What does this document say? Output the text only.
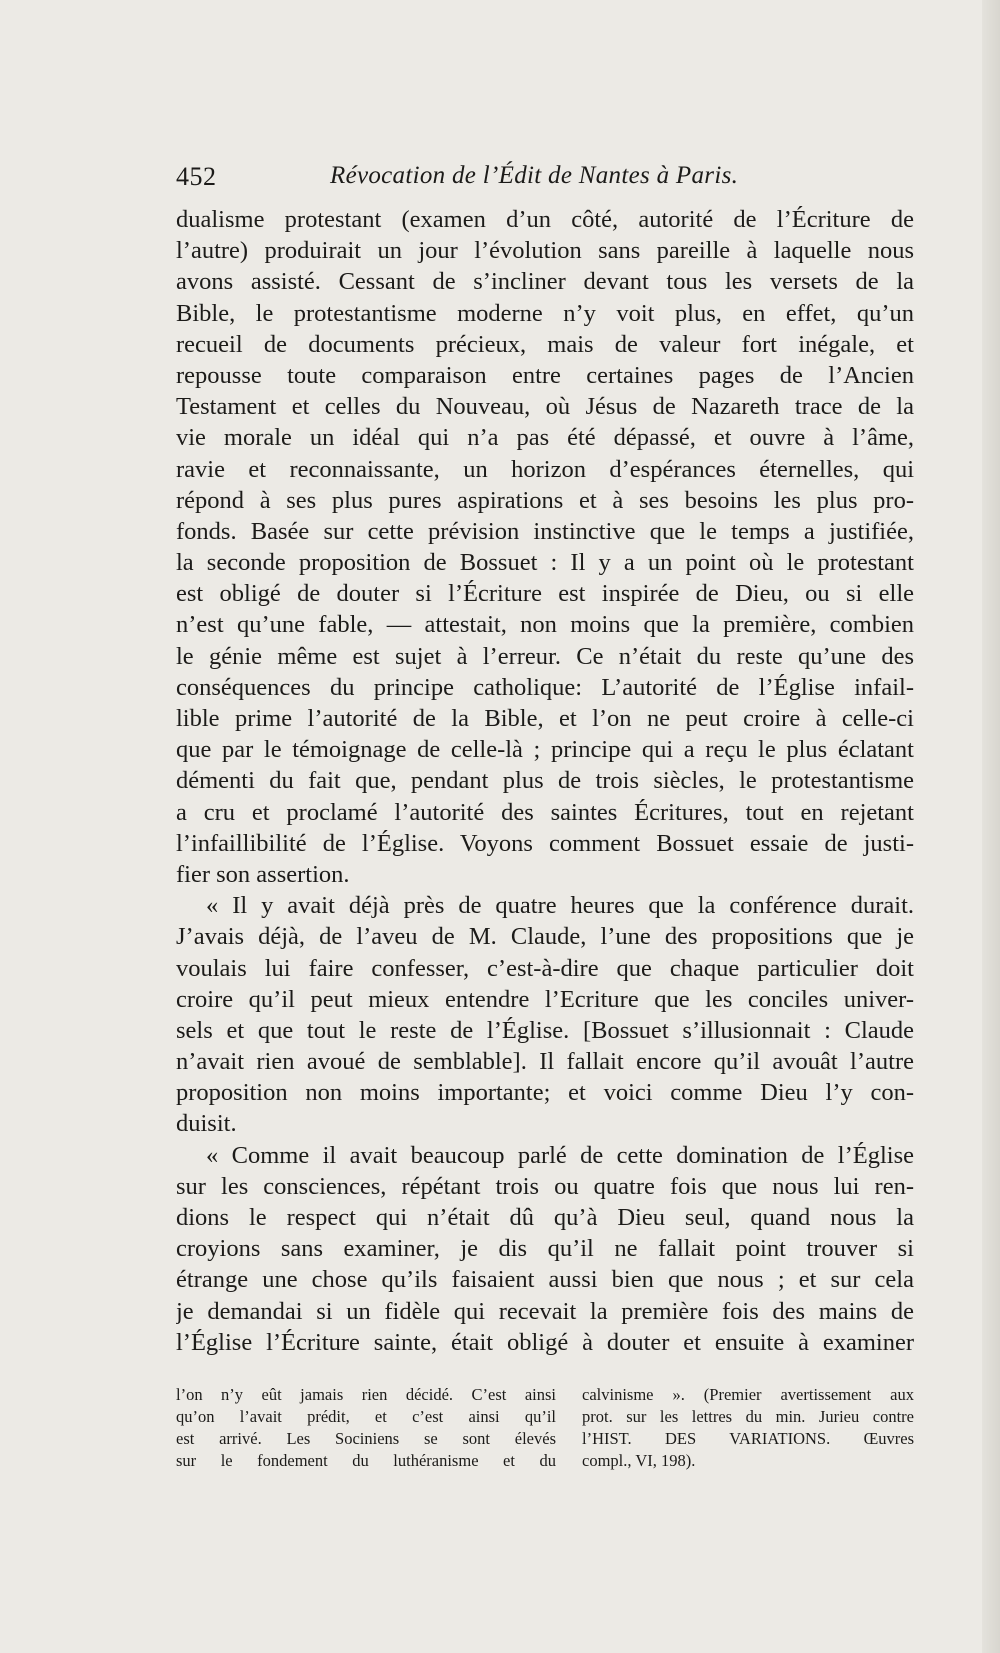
452	Révocation de l’Édit de Nantes à Paris.
dualisme protestant (examen d’un côté, autorité de l’Écriture de
l’autre) produirait un jour l’évolution sans pareille à laquelle nous
avons assisté. Cessant de s’incliner devant tous les versets de la
Bible, le protestantisme moderne n’y voit plus, en effet, qu’un
recueil de documents précieux, mais de valeur fort inégale, et
repousse toute comparaison entre certaines pages de l’Ancien
Testament et celles du Nouveau, où Jésus de Nazareth trace de la
vie morale un idéal qui n’a pas été dépassé, et ouvre à l’âme,
ravie et reconnaissante, un horizon d’espérances éternelles, qui
répond à ses plus pures aspirations et à ses besoins les plus pro-
fonds. Basée sur cette prévision instinctive que le temps a justifiée,
la seconde proposition de Bossuet : Il y a un point où le protestant
est obligé de douter si l’Écriture est inspirée de Dieu, ou si elle
n’est qu’une fable, — attestait, non moins que la première, combien
le génie même est sujet à l’erreur. Ce n’était du reste qu’une des
conséquences du principe catholique: L’autorité de l’Église infail-
lible prime l’autorité de la Bible, et l’on ne peut croire à celle-ci
que par le témoignage de celle-là ; principe qui a reçu le plus éclatant
démenti du fait que, pendant plus de trois siècles, le protestantisme
a cru et proclamé l’autorité des saintes Écritures, tout en rejetant
l’infaillibilité de l’Église. Voyons comment Bossuet essaie de justi-
fier son assertion.
« Il y avait déjà près de quatre heures que la conférence durait.
J’avais déjà, de l’aveu de M. Claude, l’une des propositions que je
voulais lui faire confesser, c’est-à-dire que chaque particulier doit
croire qu’il peut mieux entendre l’Ecriture que les conciles univer-
sels et que tout le reste de l’Église. [Bossuet s’illusionnait : Claude
n’avait rien avoué de semblable]. Il fallait encore qu’il avouât l’autre
proposition non moins importante; et voici comme Dieu l’y con-
duisit.
« Comme il avait beaucoup parlé de cette domination de l’Église
sur les consciences, répétant trois ou quatre fois que nous lui ren-
dions le respect qui n’était dû qu’à Dieu seul, quand nous la
croyions sans examiner, je dis qu’il ne fallait point trouver si
étrange une chose qu’ils faisaient aussi bien que nous ; et sur cela
je demandai si un fidèle qui recevait la première fois des mains de
l’Église l’Écriture sainte, était obligé à douter et ensuite à examiner
l’on n’y eût jamais rien décidé. C’est ainsi
qu’on l’avait prédit, et c’est ainsi qu’il
est arrivé. Les Sociniens se sont élevés
sur le fondement du luthéranisme et du
calvinisme ». (Premier avertissement aux
prot. sur les lettres du min. Jurieu contre
l’HIST. DES VARIATIONS. Œuvres
compl., VI, 198).
